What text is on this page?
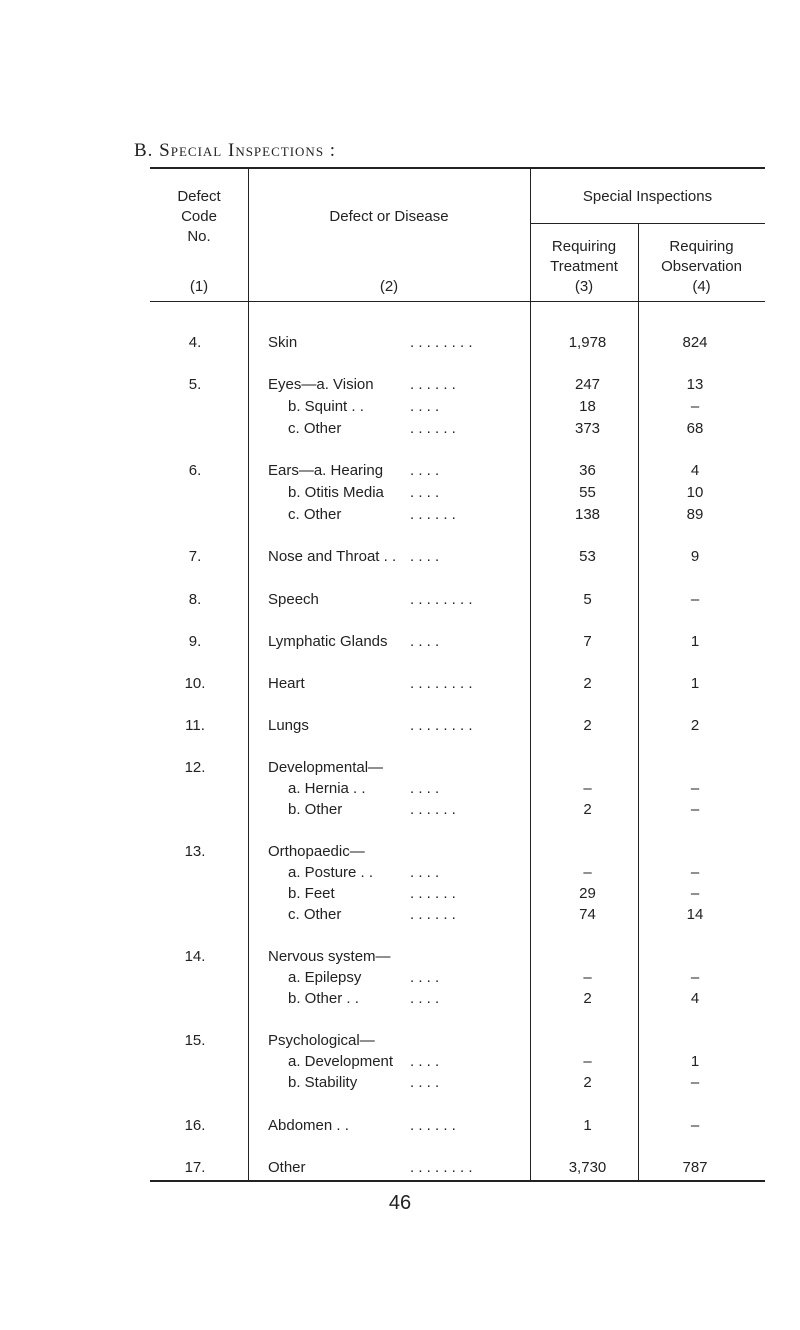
B. Special Inspections :
Defect
Code
No.
(1)
Defect or Disease
(2)
Special Inspections
Requiring
Treatment
(3)
Requiring
Observation
(4)
4.	Skin	. . . . . . . .	1,978	824
5.	Eyes—a. Vision . . . . . .	247	13
b. Squint . .	. . . .	18	–
c. Other	. . . . . .	373	68
6.	Ears—a. Hearing . . . .	36	4
b. Otitis Media . . . .	55	10
c. Other	. . . . . .	138	89
7.	Nose and Throat . . . . . .	53	9
8.	Speech	. . . . . . . .	5	–
9.	Lymphatic Glands . . . .	7	1
10.	Heart	. . . . . . . .	2	1
11.	Lungs	. . . . . . . .	2	2
12.	Developmental—
a. Hernia . .	. . . .	–	–
b. Other	. . . . . .	2	–
13.	Orthopaedic—
a. Posture . . . . . .	–	–
b. Feet	. . . . . .	29	–
c. Other	. . . . . .	74	14
14.	Nervous system—
a. Epilepsy	. . . .	–	–
b. Other . .	. . . .	2	4
15.	Psychological—
a. Development . . . .	–	1
b. Stability	. . . .	2	–
16.	Abdomen . .	. . . . . .	1	–
17.	Other	. . . . . . . .	3,730	787
46
